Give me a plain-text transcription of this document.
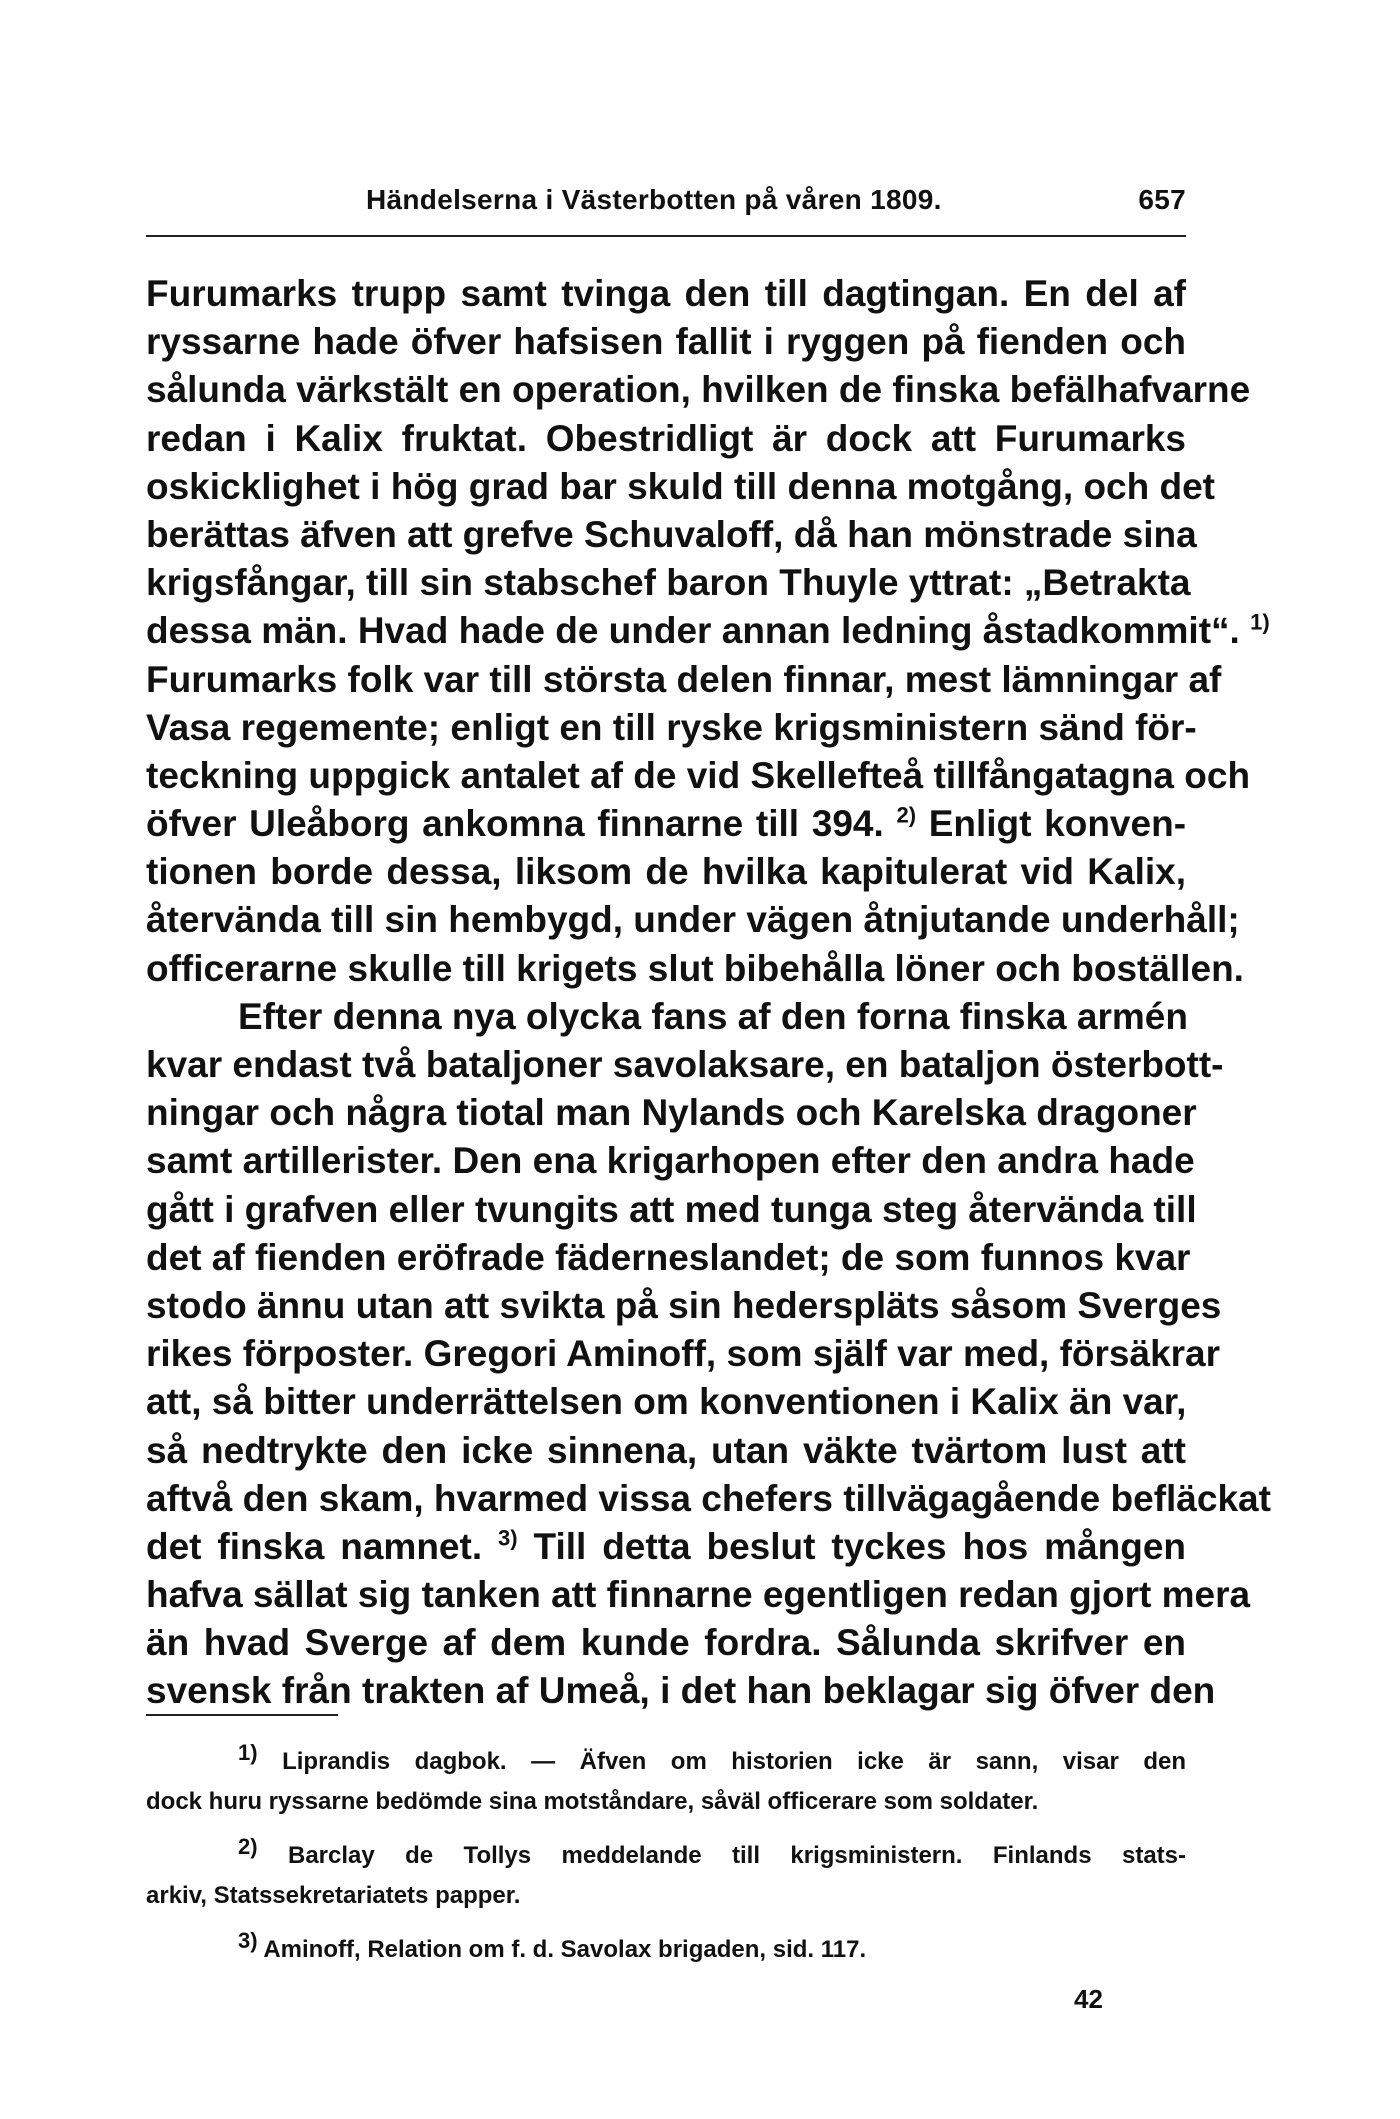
Händelserna i Västerbotten på våren 1809.	657
Furumarks trupp samt tvinga den till dagtingan. En del af
ryssarne hade öfver hafsisen fallit i ryggen på fienden och
sålunda värkstält en operation, hvilken de finska befälhafvarne
redan i Kalix fruktat. Obestridligt är dock att Furumarks
oskicklighet i hög grad bar skuld till denna motgång, och det
berättas äfven att grefve Schuvaloff, då han mönstrade sina
krigsfångar, till sin stabschef baron Thuyle yttrat: „Betrakta
dessa män. Hvad hade de under annan ledning åstadkommit“. $^{1)}$
Furumarks folk var till största delen finnar, mest lämningar af
Vasa regemente; enligt en till ryske krigsministern sänd för-
teckning uppgick antalet af de vid Skellefteå tillfångatagna och
öfver Uleåborg ankomna finnarne till 394. $^{2)}$ Enligt konven-
tionen borde dessa, liksom de hvilka kapitulerat vid Kalix,
återvända till sin hembygd, under vägen åtnjutande underhåll;
officerarne skulle till krigets slut bibehålla löner och boställen.
Efter denna nya olycka fans af den forna finska armén
kvar endast två bataljoner savolaksare, en bataljon österbott-
ningar och några tiotal man Nylands och Karelska dragoner
samt artillerister. Den ena krigarhopen efter den andra hade
gått i grafven eller tvungits att med tunga steg återvända till
det af fienden eröfrade fäderneslandet; de som funnos kvar
stodo ännu utan att svikta på sin hederspläts såsom Sverges
rikes förposter. Gregori Aminoff, som själf var med, försäkrar
att, så bitter underrättelsen om konventionen i Kalix än var,
så nedtrykte den icke sinnena, utan väkte tvärtom lust att
aftvå den skam, hvarmed vissa chefers tillvägagående befläckat
det finska namnet. $^{3)}$ Till detta beslut tyckes hos mången
hafva sällat sig tanken att finnarne egentligen redan gjort mera
än hvad Sverge af dem kunde fordra. Sålunda skrifver en
svensk från trakten af Umeå, i det han beklagar sig öfver den
$^{1)}$ Liprandis dagbok. — Äfven om historien icke är sann, visar den
dock huru ryssarne bedömde sina motståndare, såväl officerare som soldater.
$^{2)}$ Barclay de Tollys meddelande till krigsministern. Finlands stats-
arkiv, Statssekretariatets papper.
$^{3)}$ Aminoff, Relation om f. d. Savolax brigaden, sid. 117.
42
